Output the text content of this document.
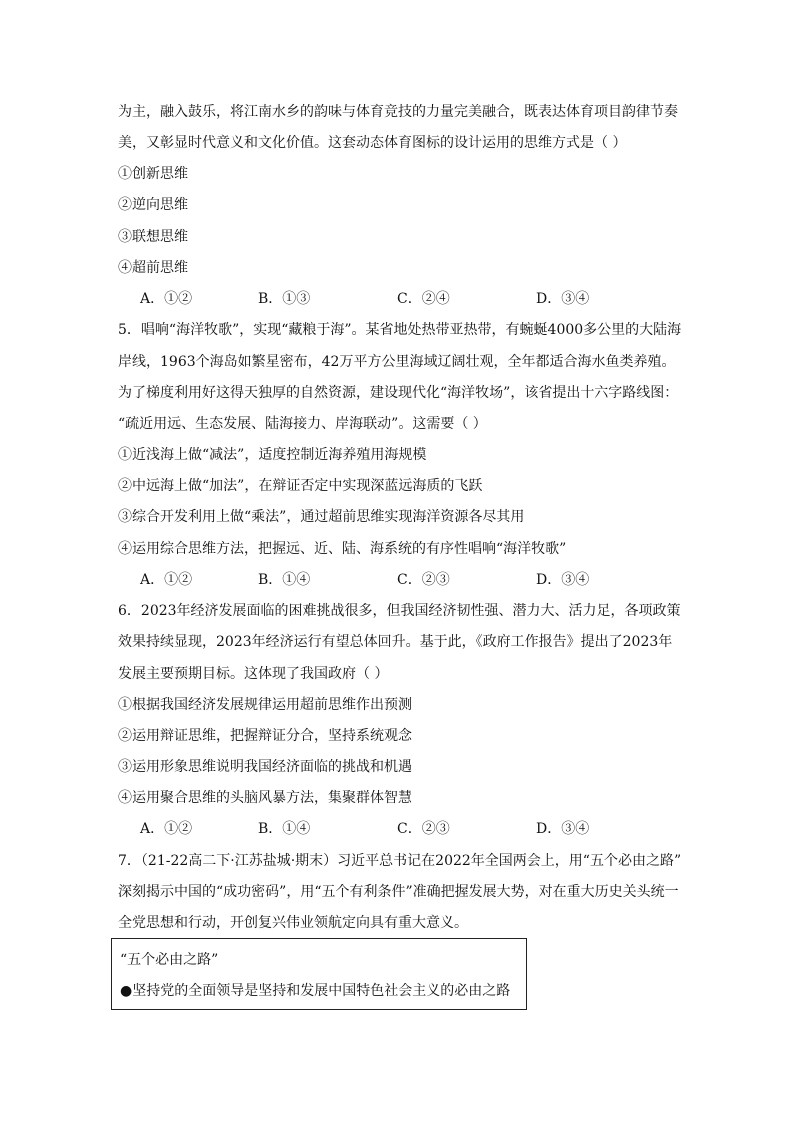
为主，融入鼓乐，将江南水乡的韵味与体育竞技的力量完美融合，既表达体育项目韵律节奏
美，又彰显时代意义和文化价值。这套动态体育图标的设计运用的思维方式是（ ）
①创新思维
②逆向思维
③联想思维
④超前思维
A．①②	B．①③	C．②④	D．③④
5．唱响“海洋牧歌”，实现“藏粮于海”。某省地处热带亚热带，有蜿蜒4000多公里的大陆海
岸线，1963个海岛如繁星密布，42万平方公里海域辽阔壮观，全年都适合海水鱼类养殖。
为了梯度利用好这得天独厚的自然资源，建设现代化“海洋牧场”，该省提出十六字路线图：
“疏近用远、生态发展、陆海接力、岸海联动”。这需要（ ）
①近浅海上做“减法”，适度控制近海养殖用海规模
②中远海上做“加法”，在辩证否定中实现深蓝远海质的飞跃
③综合开发利用上做“乘法”，通过超前思维实现海洋资源各尽其用
④运用综合思维方法，把握远、近、陆、海系统的有序性唱响“海洋牧歌”
A．①②	B．①④	C．②③	D．③④
6．2023年经济发展面临的困难挑战很多，但我国经济韧性强、潜力大、活力足，各项政策
效果持续显现，2023年经济运行有望总体回升。基于此，《政府工作报告》提出了2023年
发展主要预期目标。这体现了我国政府（ ）
①根据我国经济发展规律运用超前思维作出预测
②运用辩证思维，把握辩证分合，坚持系统观念
③运用形象思维说明我国经济面临的挑战和机遇
④运用聚合思维的头脑风暴方法，集聚群体智慧
A．①②	B．①④	C．②③	D．③④
7．（21-22高二下·江苏盐城·期末）习近平总书记在2022年全国两会上，用“五个必由之路”
深刻揭示中国的“成功密码”，用“五个有利条件”准确把握发展大势，对在重大历史关头统一
全党思想和行动，开创复兴伟业领航定向具有重大意义。
“五个必由之路”
●坚持党的全面领导是坚持和发展中国特色社会主义的必由之路
